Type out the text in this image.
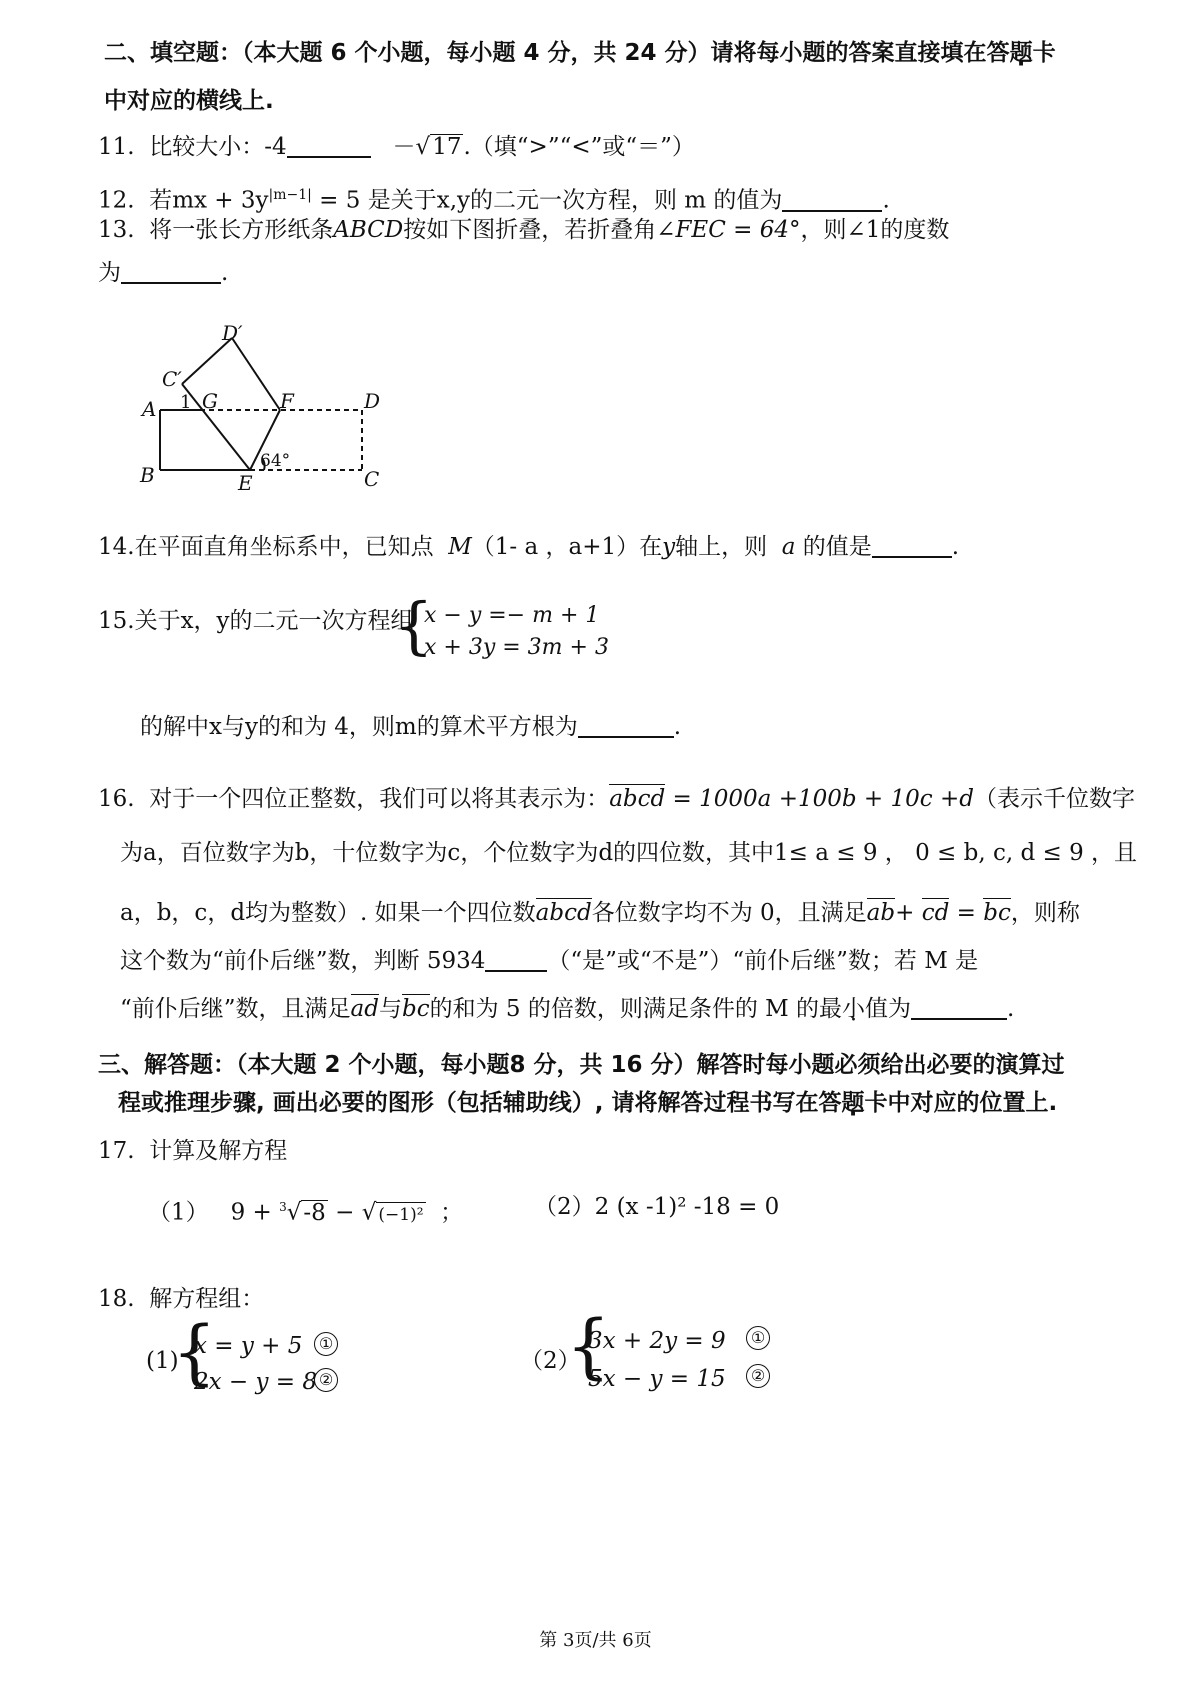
二、填空题：（本大题 6 个小题，每小题 4 分，共 24 分）请将每小题的答案直接填在答题卡
中对应的横线上.
11. 比较大小：-4	－√17.（填“>”“<”或“＝”）
12. 若mx + $3y^{|m-1|} = 5$ 是关于x,y的二元一次方程，则 m 的值为	.
13. 将一张长方形纸条ABCD按如下图折叠，若折叠角∠FEC = 64°，则∠1的度数
为	.
D′
C′
A 1 G	F	D
B	E	C
64°
14.在平面直角坐标系中，已知点 M（1- a ，a+1）在y轴上，则 a 的值是	.
15.关于x，y的二元一次方程组
{
x − y =− m + 1
x + 3y = 3m + 3
的解中x与y的和为 4，则m的算术平方根为	.
16. 对于一个四位正整数，我们可以将其表示为：abcd = 1000a +100b + 10c +d（表示千位数字
为a，百位数字为b，十位数字为c，个位数字为d的四位数，其中1≤ a ≤ 9 ， 0 ≤ b, c, d ≤ 9 ，且
a，b，c，d均为整数）. 如果一个四位数abcd各位数字均不为 0，且满足ab+ cd = bc，则称
这个数为“前仆后继”数，判断 5934	（“是”或“不是”）“前仆后继”数；若 M 是
“前仆后继”数，且满足ad与bc的和为 5 的倍数，则满足条件的 M 的最小值为	.
三、解答题：（本大题 2 个小题，每小题8 分，共 16 分）解答时每小题必须给出必要的演算过
程或推理步骤, 画出必要的图形（包括辅助线）, 请将解答过程书写在答题卡中对应的位置上.
17. 计算及解方程
（1） 9 + $^3$√-8 − √ (−1)² ；	（2）2 (x -1)² -18 = 0
18. 解方程组：
(1)
{
x = y + 5
2x − y = 8
①
②
（2）
{
3x + 2y = 9
5x − y = 15
①
②
第 3页/共 6页
